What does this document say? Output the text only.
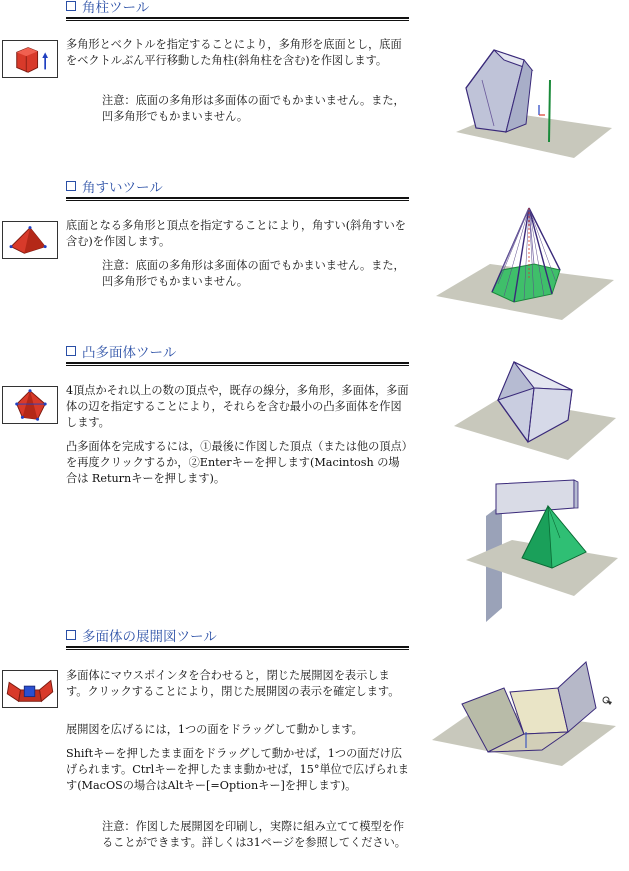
角柱ツール

多角形とベクトルを指定することにより，多角形を底面とし，底面をベクトルぶん平行移動した角柱(斜角柱を含む)を作図します。

注意：底面の多角形は多面体の面でもかまいません。また，凹多角形でもかまいません。

角すいツール

底面となる多角形と頂点を指定することにより，角すい(斜角すいを含む)を作図します。

注意：底面の多角形は多面体の面でもかまいません。また，凹多角形でもかまいません。

凸多面体ツール

4頂点かそれ以上の数の頂点や，既存の線分，多角形，多面体，多面体の辺を指定することにより，それらを含む最小の凸多面体を作図します。

凸多面体を完成するには，①最後に作図した頂点（または他の頂点）を再度クリックするか，②Enterキーを押します(Macintosh の場合は Returnキーを押します)。

多面体の展開図ツール

多面体にマウスポインタを合わせると，閉じた展開図を表示します。クリックすることにより，閉じた展開図の表示を確定します。

展開図を広げるには，1つの面をドラッグして動かします。

Shiftキーを押したまま面をドラッグして動かせば，1つの面だけ広げられます。Ctrlキーを押したまま動かせば，15°単位で広げられます(MacOSの場合はAltキー[=Optionキー]を押します)。

注意：作図した展開図を印刷し，実際に組み立てて模型を作ることができます。詳しくは31ページを参照してください。
